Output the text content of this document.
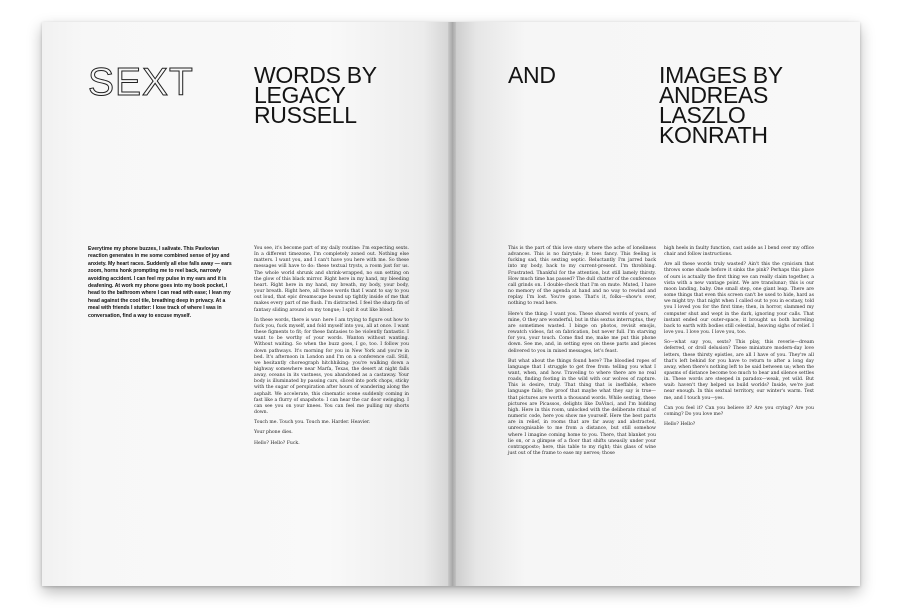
SEXT	WORDS BY
LEGACY
RUSSELL

Everytime my phone buzzes, I salivate. This Pavlovian reaction generates in me some combined sense of joy and anxiety. My heart races. Suddenly all else falls away — ears zoom, horns honk prompting me to reel back, narrowly avoiding accident. I can feel my pulse in my ears and it is deafening. At work my phone goes into my book pocket, I head to the bathroom where I can read with ease; I lean my head against the cool tile, breathing deep in privacy. At a meal with friends I stutter: I lose track of where I was in conversation, find a way to excuse myself.

You see, it's become part of my daily routine: I'm expecting sexts. In a different timezone, I'm completely zoned out. Nothing else matters. I want you, and I can't have you here with me. So these messages will have to do: these textual trysts, a room just for us. The whole world shrunk and shrink-wrapped, no sun setting on the glow of this black mirror. Right here in my hand, my bleeding heart. Right here in my hand, my breath, my body, your body, your breath. Right here, all those words that I want to say to you out loud, that epic dreamscape bound up tightly inside of me that makes every part of me flush. I'm distracted. I feel the sharp fin of fantasy sliding around on my tongue; I spit it out like blood.

In these words, there is war: here I am trying to figure out how to fuck you, fuck myself, and fold myself into you, all at once. I want these figments to fit; for these fantasies to be violently fantastic. I want to be worthy of your words. Wanton without wanting. Without waiting. So when the buzz goes, I go, too. I follow you down pathways. It's morning for you in New York and you're in bed. It's afternoon in London and I'm on a conference call. Still, we hesitantly choreograph hitchhiking: you're walking down a highway somewhere near Marfa, Texas, the desert at night falls away, oceans in its vastness, you abandoned as a castaway. Your body is illuminated by passing cars, sliced into pork chops, sticky with the sugar of perspiration after hours of wandering along the asphalt. We accelerate, this cinematic scene suddenly coming in fast like a flurry of snapshots: I can hear the car door swinging. I can see you on your knees. You can feel me pulling my shorts down.

Touch me. Touch you. Touch me. Harder. Heavier.

Your phone dies.

Hello? Hello? Fuck.

AND	IMAGES BY
ANDREAS
LASZLO
KONRATH

This is the part of this love story where the ache of loneliness advances. This is no fairytale; it toes fancy. This feeling is fucking sad, this sexting septic. Reluctantly I'm jarred back into my body, back to my current-present. I'm throbbing. Frustrated. Thankful for the attention, but still lamely thirsty. How much time has passed? The dull chatter of the conference call grinds on. I double-check that I'm on mute. Muted, I have no memory of the agenda at hand and no way to rewind and replay. I'm lost. You're gone. That's it, folks—show's over, nothing to read here.

Here's the thing: I want you. These shared words of yours, of mine, O they are wonderful, but in this sextus interruptus, they are sometimes wasted. I binge on photos, revisit emojis, rewatch videos, fat on fabrication, but never full. I'm starving for you, your touch. Come find me, make me put this phone down. See me, and, in setting eyes on these parts and pieces delivered to you in mixed messages, let's feast.

But what about the things found here? The bloodied ropes of language that I struggle to get free from: telling you what I want, when, and how. Traveling to where there are no real roads, finding footing in the wild with our wolves of rapture. This is desire, truly. That thing that is ineffable, where language fails; the proof that maybe what they say is true—that pictures are worth a thousand words. While sexting, these pictures are Picassos, delights like DaVinci, and I'm bidding high. Here in this room, unlocked with the deliberate ritual of numeric code, here you show me yourself. Here the best parts are in relief, in rooms that are far away and abstracted, unrecognisable to me from a distance, but still somehow where I imagine coming home to you. There, that blanket you lie on, or a glimpse of a floor that shifts uneasily under your contrapposto; here, this table to my right; this glass of wine just out of the frame to ease my nerves; those

high heels in faulty function, cast aside as I bend over my office chair and follow instructions.

Are all these words truly wasted? Ain't this the cynicism that throws some shade before it sinks the pink? Perhaps this place of ours is actually the first thing we can really claim together, a vista with a new vantage point. We are translunar; this is our moon landing, baby. One small step, one giant leap. There are some things that even this screen can't be used to hide, hard as we might try: that night when I called out to you in ecstasy, told you I loved you for the first time; then, in horror, slammed my computer shut and wept in the dark, ignoring your calls. That instant ended our outer-space, it brought us both barreling back to earth with bodies still celestial, heaving sighs of relief. I love you. I love you. I love you, too.

So—what say you, sexts? This play, this reverie—dream deferred, or droll delusion? These miniature modern-day love letters, these thirsty epistles, are all I have of you. They're all that's left behind for you have to return to after a long day away, when there's nothing left to be said between us; when the spasms of distance become too much to bear and silence settles in. These words are steeped in paradox—weak, yet wild. But wait: haven't they helped us build worlds? Inside, we're just near enough. In this sextual territory, our winter's warm. Text me, and I touch you—yes.

Can you feel it? Can you believe it? Are you crying? Are you coming? Do you love me?

Hello? Hello?
